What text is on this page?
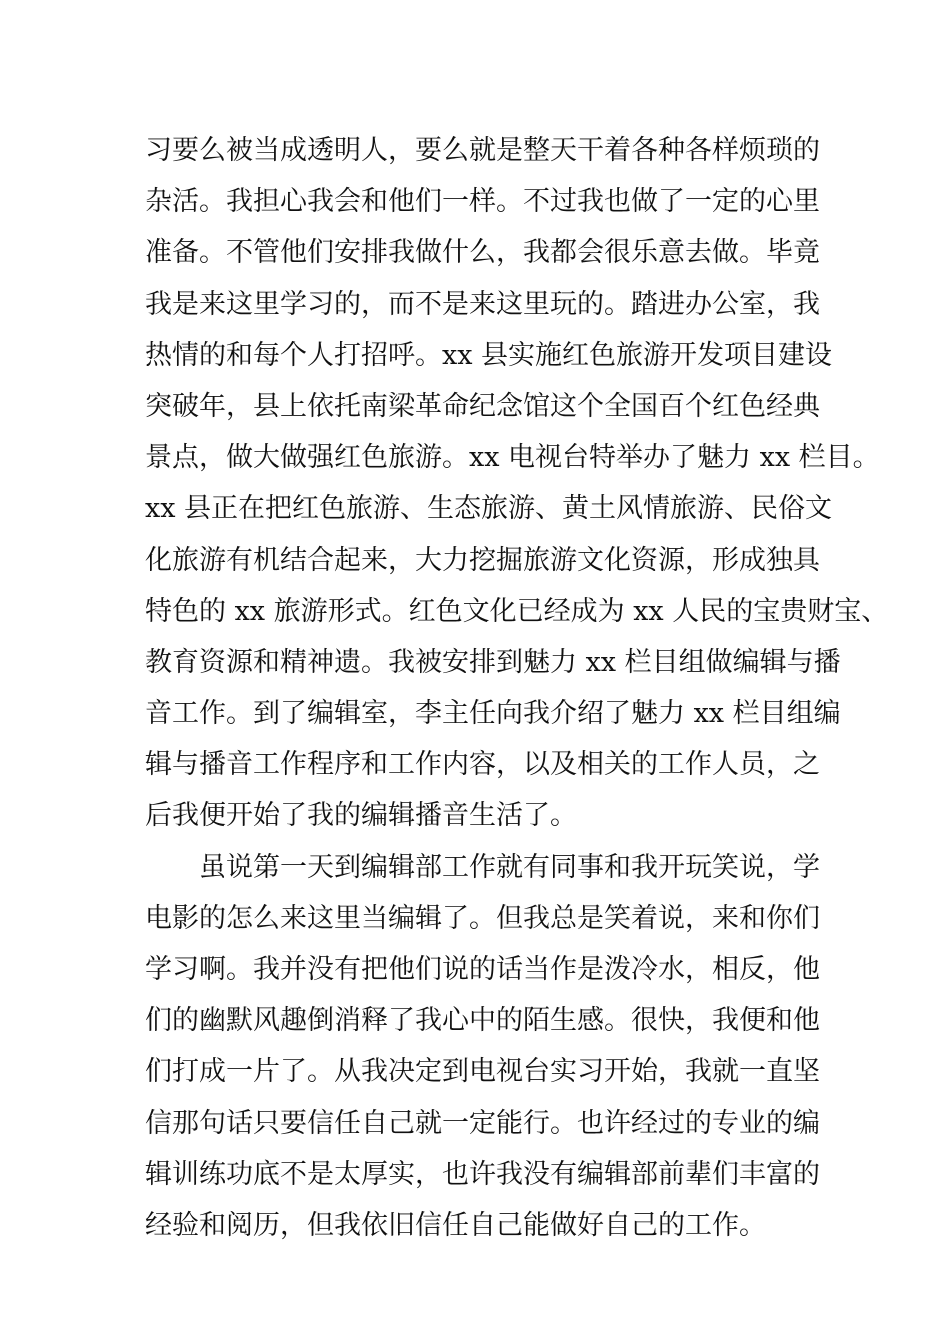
习要么被当成透明人，要么就是整天干着各种各样烦琐的
杂活。我担心我会和他们一样。不过我也做了一定的心里
准备。不管他们安排我做什么，我都会很乐意去做。毕竟
我是来这里学习的，而不是来这里玩的。踏进办公室，我
热情的和每个人打招呼。xx 县实施红色旅游开发项目建设
突破年，县上依托南梁革命纪念馆这个全国百个红色经典
景点，做大做强红色旅游。xx 电视台特举办了魅力 xx 栏目。
xx 县正在把红色旅游、生态旅游、黄土风情旅游、民俗文
化旅游有机结合起来，大力挖掘旅游文化资源，形成独具
特色的 xx 旅游形式。红色文化已经成为 xx 人民的宝贵财宝、
教育资源和精神遗。我被安排到魅力 xx 栏目组做编辑与播
音工作。到了编辑室，李主任向我介绍了魅力 xx 栏目组编
辑与播音工作程序和工作内容，以及相关的工作人员，之
后我便开始了我的编辑播音生活了。
虽说第一天到编辑部工作就有同事和我开玩笑说，学
电影的怎么来这里当编辑了。但我总是笑着说，来和你们
学习啊。我并没有把他们说的话当作是泼冷水，相反，他
们的幽默风趣倒消释了我心中的陌生感。很快，我便和他
们打成一片了。从我决定到电视台实习开始，我就一直坚
信那句话只要信任自己就一定能行。也许经过的专业的编
辑训练功底不是太厚实，也许我没有编辑部前辈们丰富的
经验和阅历，但我依旧信任自己能做好自己的工作。
